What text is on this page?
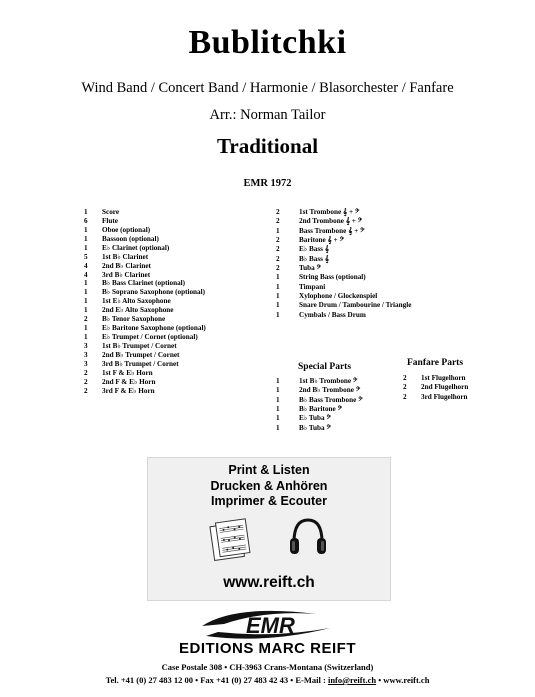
Bublitchki
Wind Band / Concert Band / Harmonie / Blasorchester / Fanfare
Arr.: Norman Tailor
Traditional
EMR 1972
1 Score
6 Flute
1 Oboe (optional)
1 Bassoon (optional)
1 E♭ Clarinet (optional)
5 1st B♭ Clarinet
4 2nd B♭ Clarinet
4 3rd B♭ Clarinet
1 B♭ Bass Clarinet (optional)
1 B♭ Soprano Saxophone (optional)
1 1st E♭ Alto Saxophone
1 2nd E♭ Alto Saxophone
2 B♭ Tenor Saxophone
1 E♭ Baritone Saxophone (optional)
1 E♭ Trumpet / Cornet (optional)
3 1st B♭ Trumpet / Cornet
3 2nd B♭ Trumpet / Cornet
3 3rd B♭ Trumpet / Cornet
2 1st F & E♭ Horn
2 2nd F & E♭ Horn
2 3rd F & E♭ Horn
2	1st Trombone 𝄞 + 𝄢
2	2nd Trombone 𝄞 + 𝄢
1	Bass Trombone 𝄞 + 𝄢
2	Baritone 𝄞 + 𝄢
2	E♭ Bass 𝄞
2	B♭ Bass 𝄞
2	Tuba 𝄢
1	String Bass (optional)
1	Timpani
1	Xylophone / Glockenspiel
1	Snare Drum / Tambourine / Triangle
1	Cymbals / Bass Drum
Special Parts
1	1st B♭ Trombone 𝄢
1	2nd B♭ Trombone 𝄢
1	B♭ Bass Trombone 𝄢
1	B♭ Baritone 𝄢
1	E♭ Tuba 𝄢
1	B♭ Tuba 𝄢
Fanfare Parts
2 1st Flugelhorn
2 2nd Flugelhorn
2 3rd Flugelhorn
Print & Listen
Drucken & Anhören
Imprimer & Ecouter
www.reift.ch
EMR
EDITIONS MARC REIFT
Case Postale 308 • CH-3963 Crans-Montana (Switzerland)
Tel. +41 (0) 27 483 12 00 • Fax +41 (0) 27 483 42 43 • E-Mail : info@reift.ch • www.reift.ch
